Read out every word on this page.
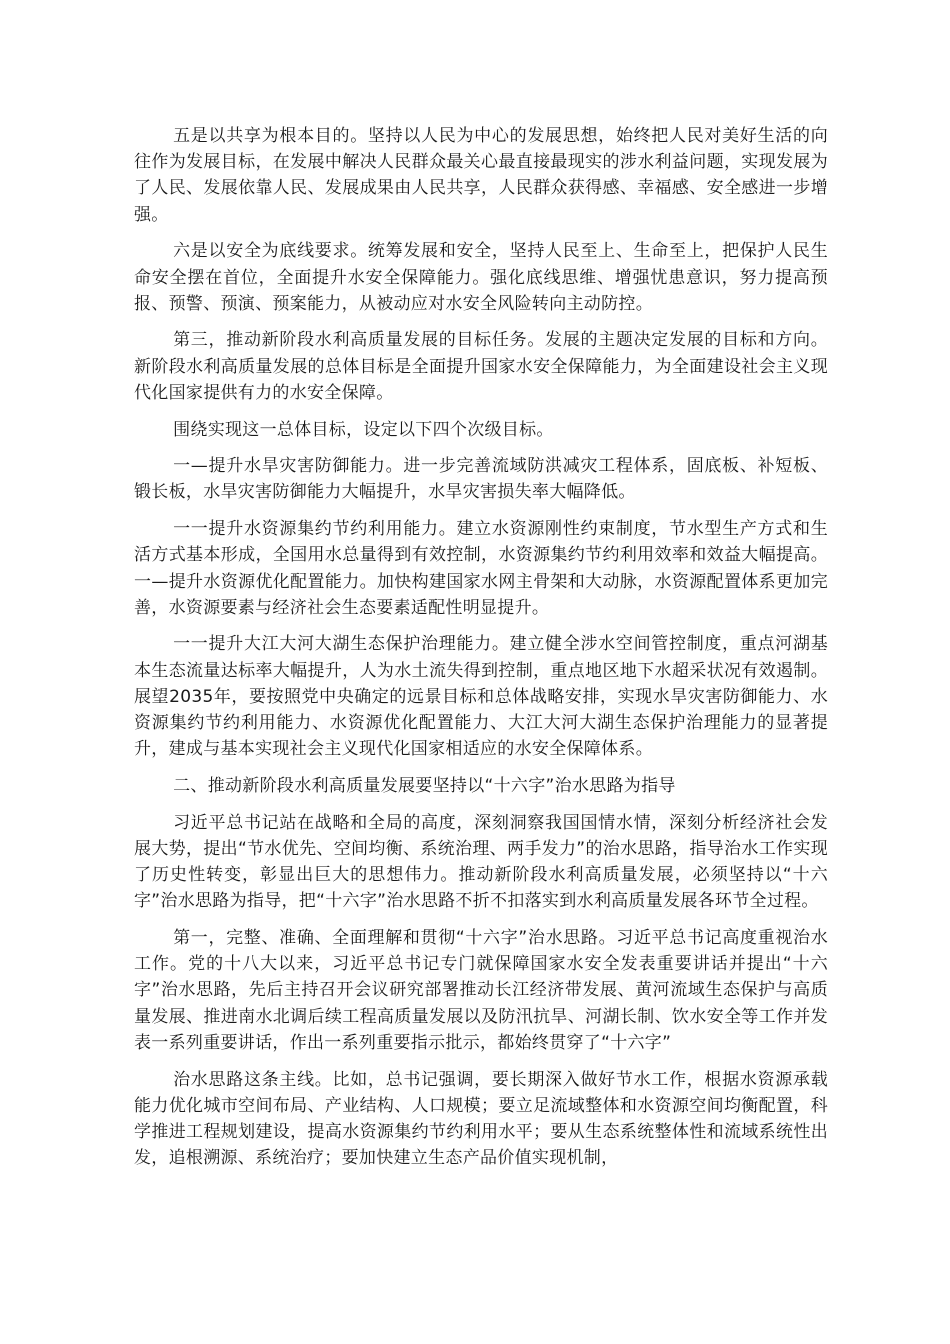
五是以共享为根本目的。坚持以人民为中心的发展思想，始终把人民对美好生活的向往作为发展目标，在发展中解决人民群众最关心最直接最现实的涉水利益问题，实现发展为了人民、发展依靠人民、发展成果由人民共享，人民群众获得感、幸福感、安全感进一步增强。

六是以安全为底线要求。统筹发展和安全，坚持人民至上、生命至上，把保护人民生命安全摆在首位，全面提升水安全保障能力。强化底线思维、增强忧患意识，努力提高预报、预警、预演、预案能力，从被动应对水安全风险转向主动防控。

第三，推动新阶段水利高质量发展的目标任务。发展的主题决定发展的目标和方向。新阶段水利高质量发展的总体目标是全面提升国家水安全保障能力，为全面建设社会主义现代化国家提供有力的水安全保障。

围绕实现这一总体目标，设定以下四个次级目标。

一—提升水旱灾害防御能力。进一步完善流域防洪减灾工程体系，固底板、补短板、锻长板，水旱灾害防御能力大幅提升，水旱灾害损失率大幅降低。

一一提升水资源集约节约利用能力。建立水资源刚性约束制度，节水型生产方式和生活方式基本形成，全国用水总量得到有效控制，水资源集约节约利用效率和效益大幅提高。一—提升水资源优化配置能力。加快构建国家水网主骨架和大动脉，水资源配置体系更加完善，水资源要素与经济社会生态要素适配性明显提升。

一一提升大江大河大湖生态保护治理能力。建立健全涉水空间管控制度，重点河湖基本生态流量达标率大幅提升，人为水土流失得到控制，重点地区地下水超采状况有效遏制。展望2035年，要按照党中央确定的远景目标和总体战略安排，实现水旱灾害防御能力、水资源集约节约利用能力、水资源优化配置能力、大江大河大湖生态保护治理能力的显著提升，建成与基本实现社会主义现代化国家相适应的水安全保障体系。

二、推动新阶段水利高质量发展要坚持以“十六字”治水思路为指导

习近平总书记站在战略和全局的高度，深刻洞察我国国情水情，深刻分析经济社会发展大势，提出“节水优先、空间均衡、系统治理、两手发力”的治水思路，指导治水工作实现了历史性转变，彰显出巨大的思想伟力。推动新阶段水利高质量发展，必须坚持以“十六字”治水思路为指导，把“十六字”治水思路不折不扣落实到水利高质量发展各环节全过程。

第一，完整、准确、全面理解和贯彻“十六字”治水思路。习近平总书记高度重视治水工作。党的十八大以来，习近平总书记专门就保障国家水安全发表重要讲话并提出“十六字”治水思路，先后主持召开会议研究部署推动长江经济带发展、黄河流域生态保护与高质量发展、推进南水北调后续工程高质量发展以及防汛抗旱、河湖长制、饮水安全等工作并发表一系列重要讲话，作出一系列重要指示批示，都始终贯穿了“十六字”

治水思路这条主线。比如，总书记强调，要长期深入做好节水工作，根据水资源承载能力优化城市空间布局、产业结构、人口规模；要立足流域整体和水资源空间均衡配置，科学推进工程规划建设，提高水资源集约节约利用水平；要从生态系统整体性和流域系统性出发，追根溯源、系统治疗；要加快建立生态产品价值实现机制，
